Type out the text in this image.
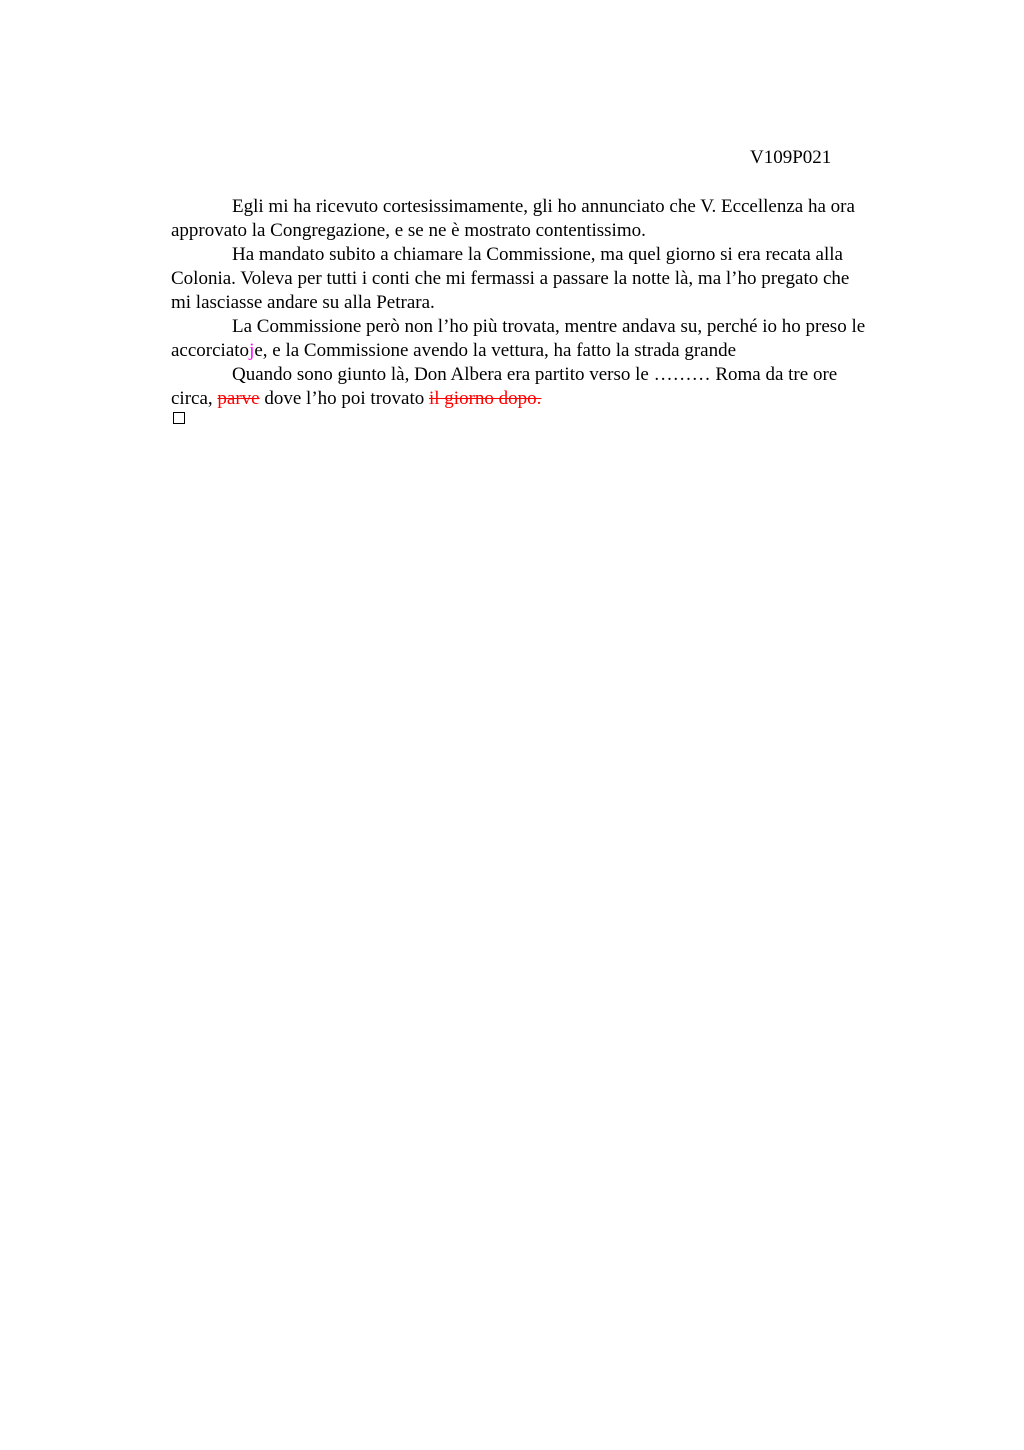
V109P021
Egli mi ha ricevuto cortesissimamente, gli ho annunciato che V. Eccellenza ha ora
approvato la Congregazione, e se ne è mostrato contentissimo.
Ha mandato subito a chiamare la Commissione, ma quel giorno si era recata alla
Colonia. Voleva per tutti i conti che mi fermassi a passare la notte là, ma l’ho pregato che
mi lasciasse andare su alla Petrara.
La Commissione però non l’ho più trovata, mentre andava su, perché io ho preso le
accorciatoje, e la Commissione avendo la vettura, ha fatto la strada grande
Quando sono giunto là, Don Albera era partito verso le ……… Roma da tre ore
circa, parve dove l’ho poi trovato il giorno dopo.
